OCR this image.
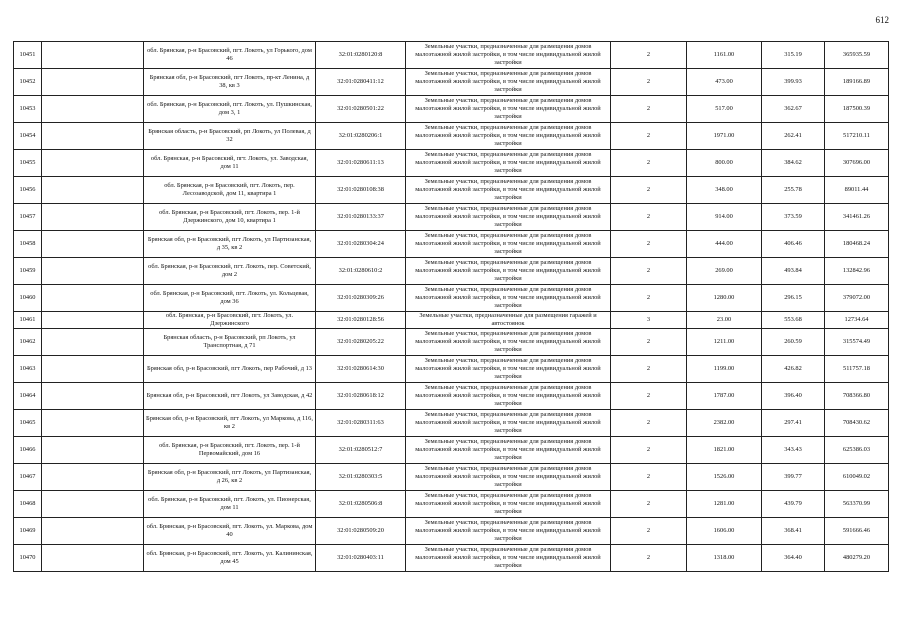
612
10451		обл. Брянская, р-н Брасовский, пгт. Локоть, ул Горького, дом 46	32:01:0280120:8	Земельные участки, предназначенные для размещения домов малоэтажной жилой застройки, в том числе индивидуальной жилой застройки	2	1161.00	315.19	365935.59
10452		Брянская обл, р-н Брасовский, пгт Локоть, пр-кт Ленина, д 38, кв 3	32:01:0280411:12	Земельные участки, предназначенные для размещения домов малоэтажной жилой застройки, в том числе индивидуальной жилой застройки	2	473.00	399.93	189166.89
10453		обл. Брянская, р-н Брасовский, пгт. Локоть, ул. Пушкинская, дом 3, 1	32:01:0280501:22	Земельные участки, предназначенные для размещения домов малоэтажной жилой застройки, в том числе индивидуальной жилой застройки	2	517.00	362.67	187500.39
10454		Брянская область, р-н Брасовский, рп Локоть, ул Полевая, д 32	32:01:0280206:1	Земельные участки, предназначенные для размещения домов малоэтажной жилой застройки, в том числе индивидуальной жилой застройки	2	1971.00	262.41	517210.11
10455		обл. Брянская, р-н Брасовский, пгт. Локоть, ул. Заводская, дом 11	32:01:0280611:13	Земельные участки, предназначенные для размещения домов малоэтажной жилой застройки, в том числе индивидуальной жилой застройки	2	800.00	384.62	307696.00
10456		обл. Брянская, р-н Брасовский, пгт. Локоть, пер. Лесозаводской, дом 11, квартира 1	32:01:0280108:38	Земельные участки, предназначенные для размещения домов малоэтажной жилой застройки, в том числе индивидуальной жилой застройки	2	348.00	255.78	89011.44
10457		обл. Брянская, р-н Брасовский, пгт. Локоть, пер. 1-й Дзержинского, дом 10, квартира 1	32:01:0280133:37	Земельные участки, предназначенные для размещения домов малоэтажной жилой застройки, в том числе индивидуальной жилой застройки	2	914.00	373.59	341461.26
10458		Брянская обл, р-н Брасовский, пгт Локоть, ул Партизанская, д 35, кв 2	32:01:0280304:24	Земельные участки, предназначенные для размещения домов малоэтажной жилой застройки, в том числе индивидуальной жилой застройки	2	444.00	406.46	180468.24
10459		обл. Брянская, р-н Брасовский, пгт. Локоть, пер. Советский, дом 2	32:01:0280610:2	Земельные участки, предназначенные для размещения домов малоэтажной жилой застройки, в том числе индивидуальной жилой застройки	2	269.00	493.84	132842.96
10460		обл. Брянская, р-н Брасовский, пгт. Локоть, ул. Кольцевая, дом 36	32:01:0280309:26	Земельные участки, предназначенные для размещения домов малоэтажной жилой застройки, в том числе индивидуальной жилой застройки	2	1280.00	296.15	379072.00
10461		обл. Брянская, р-н Брасовский, пгт. Локоть, ул. Дзержинского	32:01:0280128:56	Земельные участки, предназначенные для размещения гаражей и автостоянок	3	23.00	553.68	12734.64
10462		Брянская область, р-н Брасовский, рп Локоть, ул Транспортная, д 71	32:01:0280205:22	Земельные участки, предназначенные для размещения домов малоэтажной жилой застройки, в том числе индивидуальной жилой застройки	2	1211.00	260.59	315574.49
10463		Брянская обл, р-н Брасовский, пгт Локоть, пер Рабочий, д 13	32:01:0280614:30	Земельные участки, предназначенные для размещения домов малоэтажной жилой застройки, в том числе индивидуальной жилой застройки	2	1199.00	426.82	511757.18
10464		Брянская обл, р-н Брасовский, пгт Локоть, ул Заводская, д 42	32:01:0280618:12	Земельные участки, предназначенные для размещения домов малоэтажной жилой застройки, в том числе индивидуальной жилой застройки	2	1787.00	396.40	708366.80
10465		Брянская обл, р-н Брасовский, пгт Локоть, ул Маркова, д 116, кв 2	32:01:0280311:63	Земельные участки, предназначенные для размещения домов малоэтажной жилой застройки, в том числе индивидуальной жилой застройки	2	2382.00	297.41	708430.62
10466		обл. Брянская, р-н Брасовский, пгт. Локоть, пер. 1-й Первомайский, дом 16	32:01:0280512:7	Земельные участки, предназначенные для размещения домов малоэтажной жилой застройки, в том числе индивидуальной жилой застройки	2	1821.00	343.43	625386.03
10467		Брянская обл, р-н Брасовский, пгт Локоть, ул Партизанская, д 26, кв 2	32:01:0280303:5	Земельные участки, предназначенные для размещения домов малоэтажной жилой застройки, в том числе индивидуальной жилой застройки	2	1526.00	399.77	610049.02
10468		обл. Брянская, р-н Брасовский, пгт. Локоть, ул. Пионерская, дом 11	32:01:0280506:8	Земельные участки, предназначенные для размещения домов малоэтажной жилой застройки, в том числе индивидуальной жилой застройки	2	1281.00	439.79	563370.99
10469		обл. Брянская, р-н Брасовский, пгт. Локоть, ул. Маркова, дом 40	32:01:0280509:20	Земельные участки, предназначенные для размещения домов малоэтажной жилой застройки, в том числе индивидуальной жилой застройки	2	1606.00	368.41	591666.46
10470		обл. Брянская, р-н Брасовский, пгт. Локоть, ул. Калининская, дом 45	32:01:0280403:11	Земельные участки, предназначенные для размещения домов малоэтажной жилой застройки, в том числе индивидуальной жилой застройки	2	1318.00	364.40	480279.20
